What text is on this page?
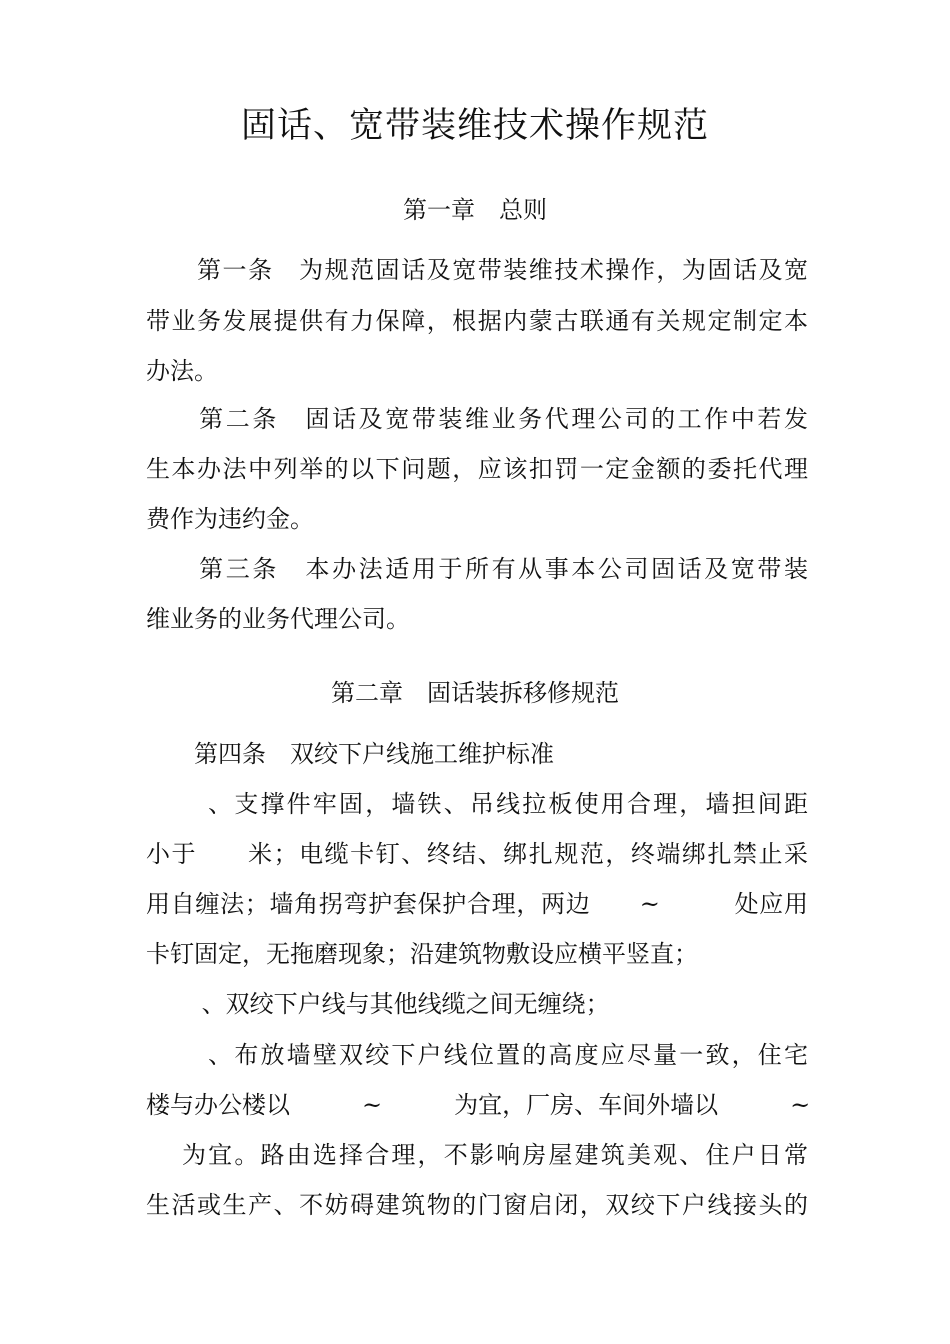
固话、宽带装维技术操作规范
第一章　总则
　　第一条　为规范固话及宽带装维技术操作，为固话及宽
带业务发展提供有力保障，根据内蒙古联通有关规定制定本
办法。
　　第二条　固话及宽带装维业务代理公司的工作中若发
生本办法中列举的以下问题，应该扣罚一定金额的委托代理
费作为违约金。
　　第三条　本办法适用于所有从事本公司固话及宽带装
维业务的业务代理公司。
第二章　固话装拆移修规范
　　第四条　双绞下户线施工维护标准
　　 、支撑件牢固，墙铁、吊线拉板使用合理，墙担间距
小于　　米；电缆卡钉、终结、绑扎规范，终端绑扎禁止采
用自缠法；墙角拐弯护套保护合理，两边　　~　　　处应用
卡钉固定，无拖磨现象；沿建筑物敷设应横平竖直；
　　 、双绞下户线与其他线缆之间无缠绕；
　　 、布放墙壁双绞下户线位置的高度应尽量一致，住宅
楼与办公楼以　　　~　　　为宜，厂房、车间外墙以　　　~
　 为宜。路由选择合理，不影响房屋建筑美观、住户日常
生活或生产、不妨碍建筑物的门窗启闭，双绞下户线接头的
